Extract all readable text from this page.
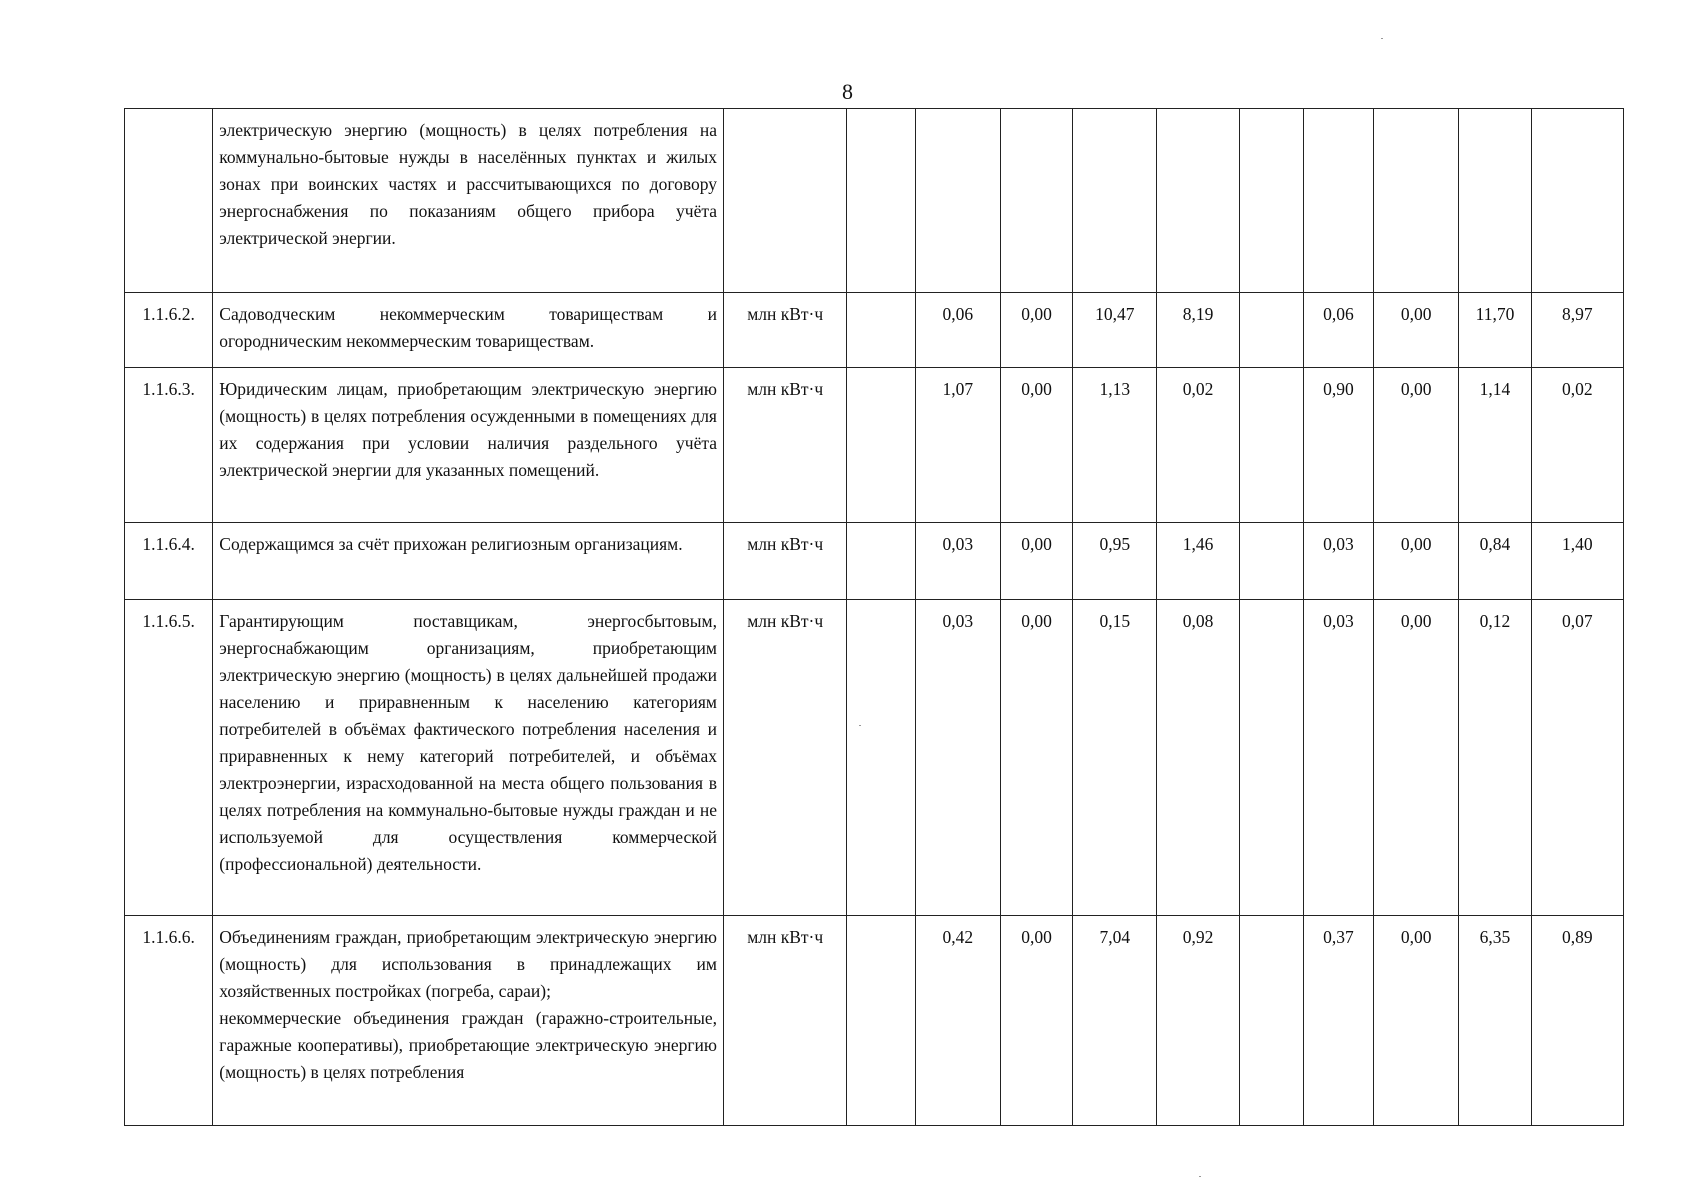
8
	электрическую энергию (мощность) в целях потребления на коммунально-бытовые нужды в населённых пунктах и жилых зонах при воинских частях и рассчитывающихся по договору энергоснабжения по показаниям общего прибора учёта электрической энергии.											
1.1.6.2.	Садоводческим некоммерческим товариществам и огородническим некоммерческим товариществам.	млн кВт·ч		0,06	0,00	10,47	8,19		0,06	0,00	11,70	8,97
1.1.6.3.	Юридическим лицам, приобретающим электрическую энергию (мощность) в целях потребления осужденными в помещениях для их содержания при условии наличия раздельного учёта электрической энергии для указанных помещений.	млн кВт·ч		1,07	0,00	1,13	0,02		0,90	0,00	1,14	0,02
1.1.6.4.	Содержащимся за счёт прихожан религиозным организациям.	млн кВт·ч		0,03	0,00	0,95	1,46		0,03	0,00	0,84	1,40
1.1.6.5.	Гарантирующим поставщикам, энергосбытовым, энергоснабжающим организациям, приобретающим электрическую энергию (мощность) в целях дальнейшей продажи населению и приравненным к населению категориям потребителей в объёмах фактического потребления населения и приравненных к нему категорий потребителей, и объёмах электроэнергии, израсходованной на места общего пользования в целях потребления на коммунально-бытовые нужды граждан и не используемой для осуществления коммерческой (профессиональной) деятельности.	млн кВт·ч		0,03	0,00	0,15	0,08		0,03	0,00	0,12	0,07
1.1.6.6.	Объединениям граждан, приобретающим электрическую энергию (мощность) для использования в принадлежащих им хозяйственных постройках (погреба, сараи);
некоммерческие объединения граждан (гаражно-строительные, гаражные кооперативы), приобретающие электрическую энергию (мощность) в целях потребления	млн кВт·ч		0,42	0,00	7,04	0,92		0,37	0,00	6,35	0,89
